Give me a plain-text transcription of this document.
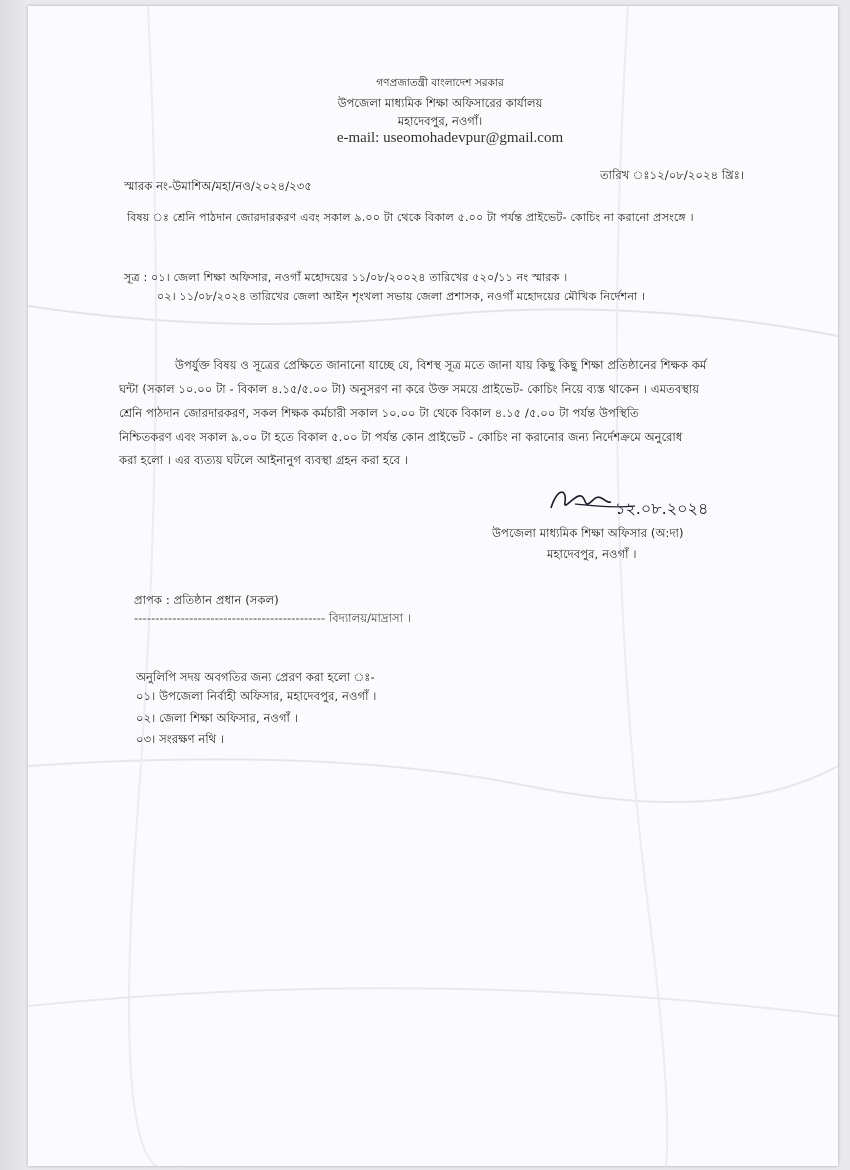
গণপ্রজাতন্ত্রী বাংলাদেশ সরকার
উপজেলা মাধ্যমিক শিক্ষা অফিসারের কার্যালয়
মহাদেবপুর, নওগাঁ।
e-mail: useomohadevpur@gmail.com
স্মারক নং-উমাশিঅ/মহা/নও/২০২৪/২৩৫
তারিখ ঃ১২/০৮/২০২৪ খ্রিঃ।
বিষয় ঃ শ্রেনি পাঠদান জোরদারকরণ এবং সকাল ৯.০০ টা থেকে বিকাল ৫.০০ টা পর্যন্ত প্রাইভেট- কোচিং না করানো প্রসংঙ্গে ।
সূত্র : ০১। জেলা শিক্ষা অফিসার, নওগাঁ মহোদয়ের ১১/০৮/২০০২৪ তারিখের ৫২০/১১ নং স্মারক ।
০২। ১১/০৮/২০২৪ তারিখের জেলা আইন শৃংখলা সভায় জেলা প্রশাসক, নওগাঁ মহোদয়ের মৌখিক নির্দেশনা ।
উপর্যুক্ত বিষয় ও সূত্রের প্রেক্ষিতে জানানো যাচ্ছে যে, বিশস্থ সূত্র মতে জানা যায় কিছু কিছু শিক্ষা প্রতিষ্ঠানের শিক্ষক কর্ম
ঘন্টা (সকাল ১০.০০ টা - বিকাল ৪.১৫/৫.০০ টা) অনুসরণ না করে উক্ত সময়ে প্রাইভেট- কোচিং নিয়ে ব্যস্ত থাকেন । এমতবস্থায়
শ্রেনি পাঠদান জোরদারকরণ, সকল শিক্ষক কর্মচারী সকাল ১০.০০ টা থেকে বিকাল ৪.১৫ /৫.০০ টা পর্যন্ত উপস্থিতি
নিশ্চিতকরণ এবং সকাল ৯.০০ টা হতে বিকাল ৫.০০ টা পর্যন্ত কোন প্রাইভেট - কোচিং না করানোর জন্য নির্দেশক্রমে অনুরোধ
করা হলো । এর ব্যত্যয় ঘটলে আইনানুগ ব্যবস্থা গ্রহন করা হবে ।
১২.০৮.২০২৪
উপজেলা মাধ্যমিক শিক্ষা অফিসার (অ:দা)
মহাদেবপুর, নওগাঁ ।
প্রাপক : প্রতিষ্ঠান প্রধান (সকল)
--------------------------------------------- বিদ্যালয়/মাদ্রাসা ।
অনুলিপি সদয় অবগতির জন্য প্রেরণ করা হলো ঃ-
০১। উপজেলা নির্বাহী অফিসার, মহাদেবপুর, নওগাঁ ।
০২। জেলা শিক্ষা অফিসার, নওগাঁ ।
০৩। সংরক্ষণ নথি ।
